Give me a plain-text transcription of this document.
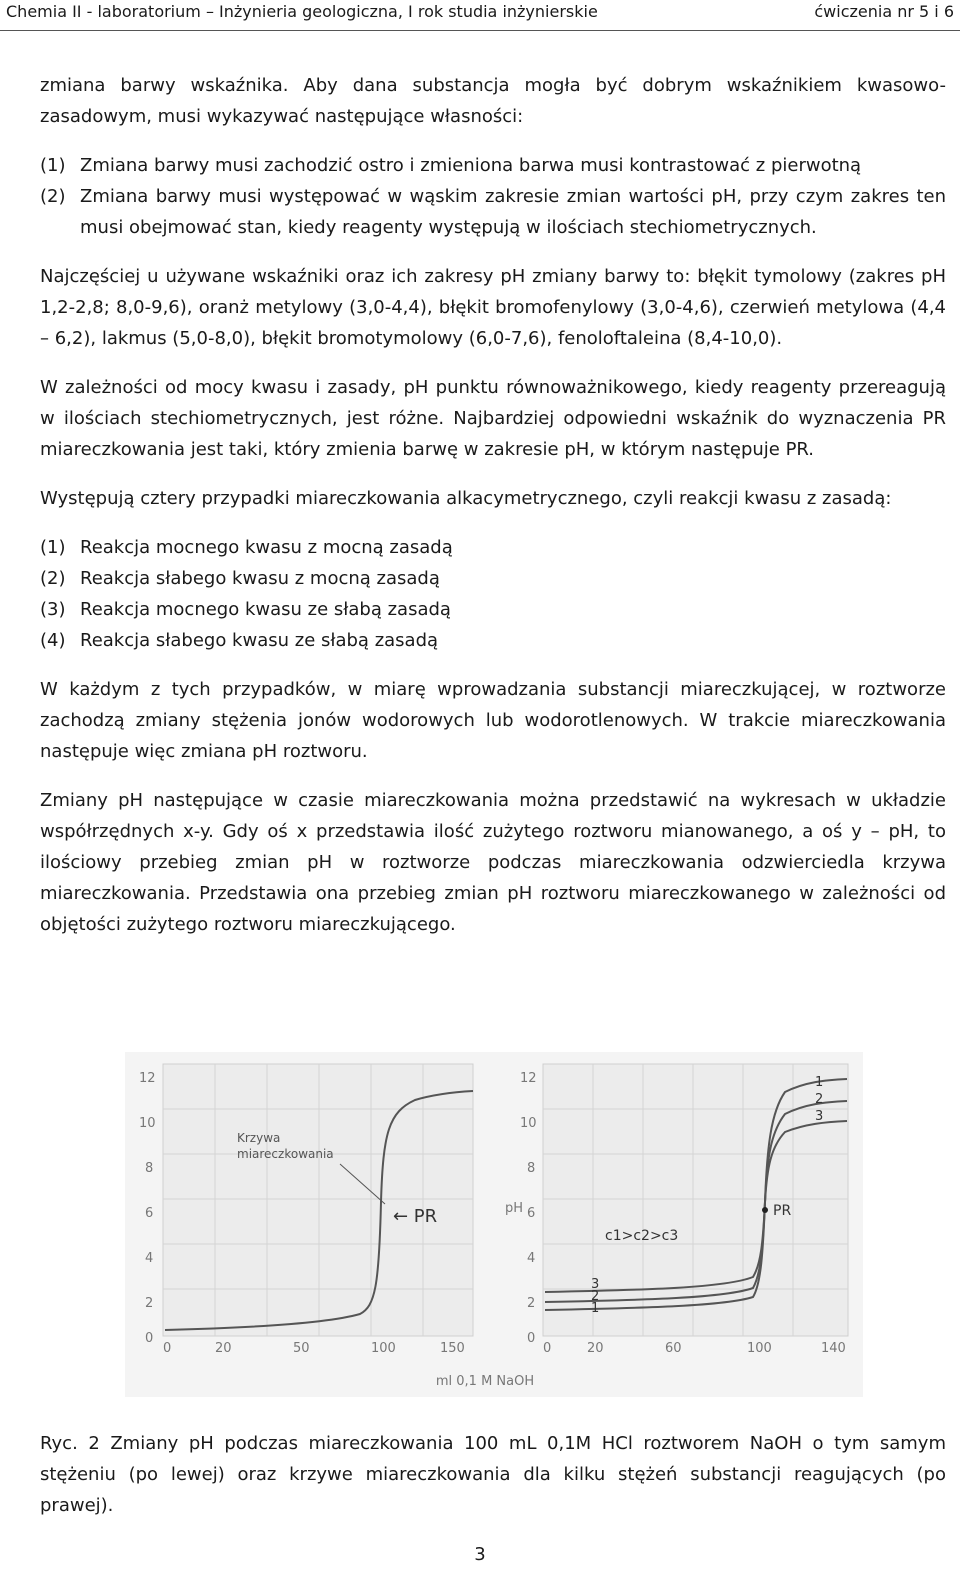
Chemia II - laboratorium – Inżynieria geologiczna, I rok studia inżynierskie	ćwiczenia nr 5 i 6

zmiana barwy wskaźnika. Aby dana substancja mogła być dobrym wskaźnikiem kwasowo-zasadowym, musi wykazywać następujące własności:

(1) Zmiana barwy musi zachodzić ostro i zmieniona barwa musi kontrastować z pierwotną
(2) Zmiana barwy musi występować w wąskim zakresie zmian wartości pH, przy czym zakres ten musi obejmować stan, kiedy reagenty występują w ilościach stechiometrycznych.

Najczęściej u używane wskaźniki oraz ich zakresy pH zmiany barwy to: błękit tymolowy (zakres pH 1,2-2,8; 8,0-9,6), oranż metylowy (3,0-4,4), błękit bromofenylowy (3,0-4,6), czerwień metylowa (4,4 – 6,2), lakmus (5,0-8,0), błękit bromotymolowy (6,0-7,6), fenoloftaleina (8,4-10,0).

W zależności od mocy kwasu i zasady, pH punktu równoważnikowego, kiedy reagenty przereagują w ilościach stechiometrycznych, jest różne. Najbardziej odpowiedni wskaźnik do wyznaczenia PR miareczkowania jest taki, który zmienia barwę w zakresie pH, w którym następuje PR.

Występują cztery przypadki miareczkowania alkacymetrycznego, czyli reakcji kwasu z zasadą:

(1) Reakcja mocnego kwasu z mocną zasadą
(2) Reakcja słabego kwasu z mocną zasadą
(3) Reakcja mocnego kwasu ze słabą zasadą
(4) Reakcja słabego kwasu ze słabą zasadą

W każdym z tych przypadków, w miarę wprowadzania substancji miareczkującej, w roztworze zachodzą zmiany stężenia jonów wodorowych lub wodorotlenowych. W trakcie miareczkowania następuje więc zmiana pH roztworu.

Zmiany pH następujące w czasie miareczkowania można przedstawić na wykresach w układzie współrzędnych x-y. Gdy oś x przedstawia ilość zużytego roztworu mianowanego, a oś y – pH, to ilościowy przebieg zmian pH w roztworze podczas miareczkowania odzwierciedla krzywa miareczkowania. Przedstawia ona przebieg zmian pH roztworu miareczkowanego w zależności od objętości zużytego roztworu miareczkującego.

12
10
8
6
4
2
0
0	20	50	100	150
Krzywa
miareczkowania
← PR
ml 0,1 M NaOH
12
10
8
6
4
2
0
pH
0	20	60	100	140
PR
c1>c2>c3
1
2
3
3
2
1
Ryc. 2 Zmiany pH podczas miareczkowania 100 mL 0,1M HCl roztworem NaOH o tym samym stężeniu (po lewej) oraz krzywe miareczkowania dla kilku stężeń substancji reagujących (po prawej).
3
